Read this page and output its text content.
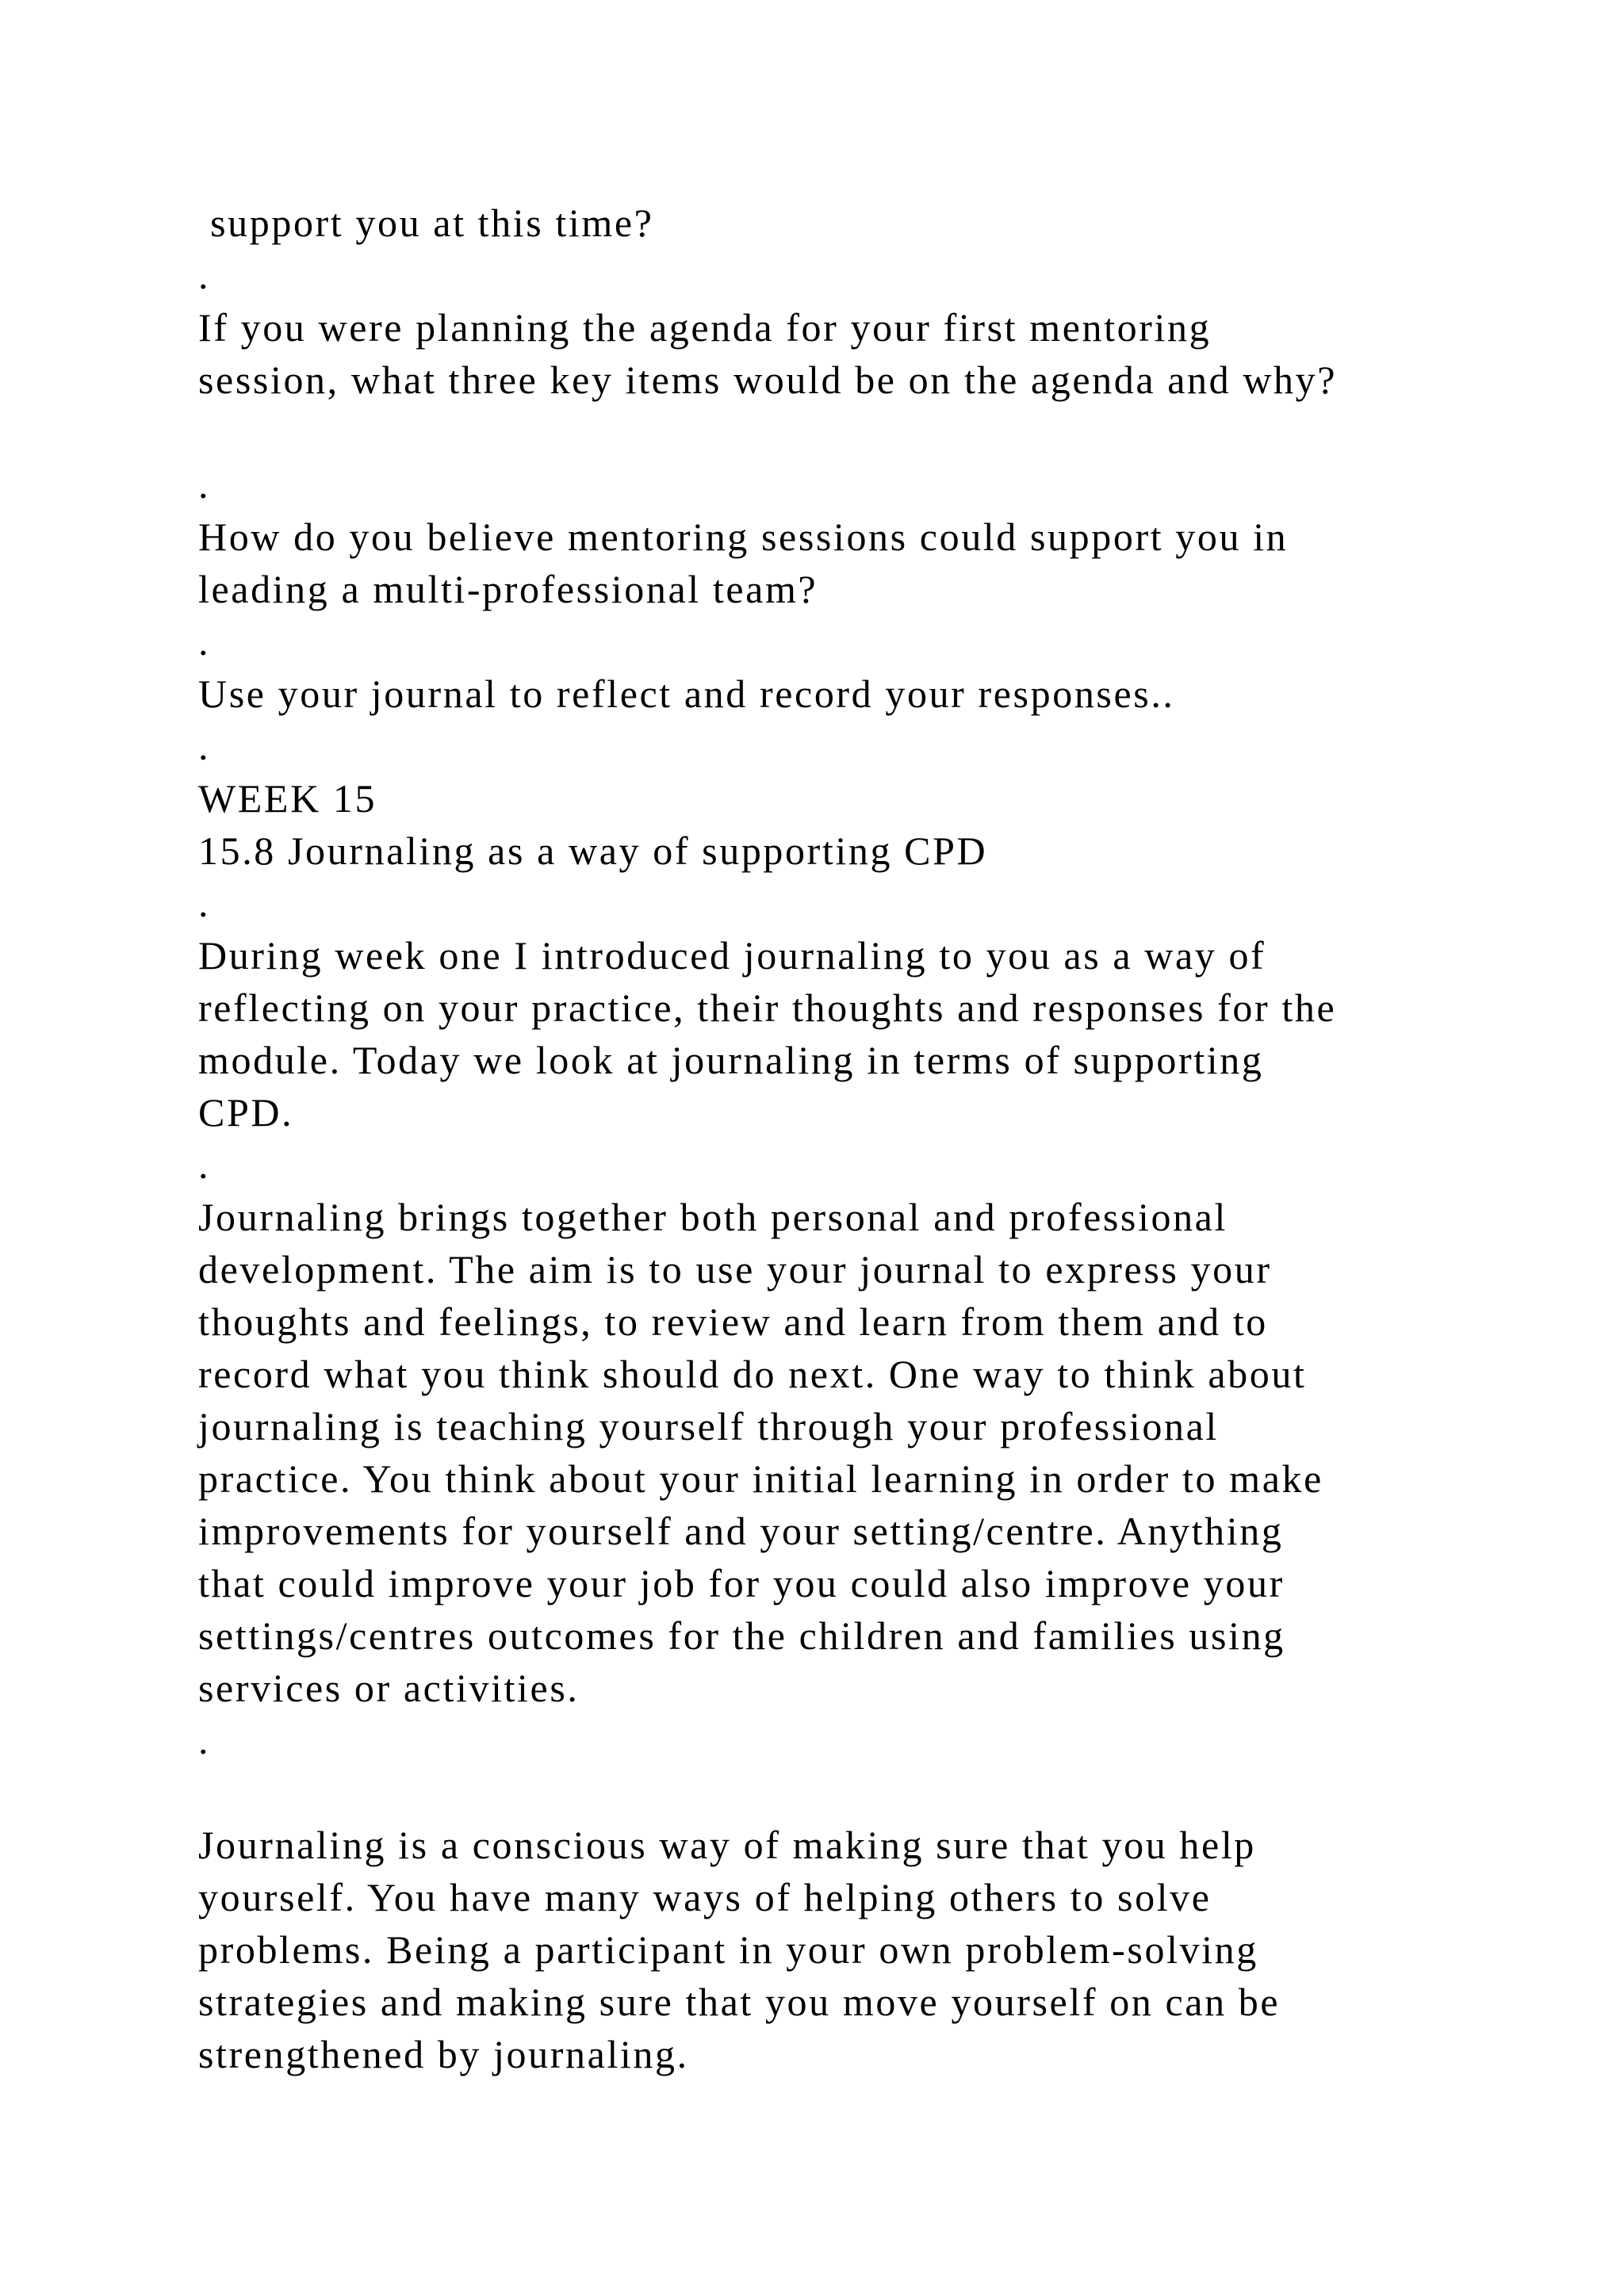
support you at this time?
.
If you were planning the agenda for your first mentoring
session, what three key items would be on the agenda and why?
.
How do you believe mentoring sessions could support you in
leading a multi-professional team?
.
Use your journal to reflect and record your responses..
.
WEEK 15
15.8 Journaling as a way of supporting CPD
.
During week one I introduced journaling to you as a way of
reflecting on your practice, their thoughts and responses for the
module. Today we look at journaling in terms of supporting
CPD.
.
Journaling brings together both personal and professional
development. The aim is to use your journal to express your
thoughts and feelings, to review and learn from them and to
record what you think should do next. One way to think about
journaling is teaching yourself through your professional
practice. You think about your initial learning in order to make
improvements for yourself and your setting/centre. Anything
that could improve your job for you could also improve your
settings/centres outcomes for the children and families using
services or activities.
.
Journaling is a conscious way of making sure that you help
yourself. You have many ways of helping others to solve
problems. Being a participant in your own problem-solving
strategies and making sure that you move yourself on can be
strengthened by journaling.
